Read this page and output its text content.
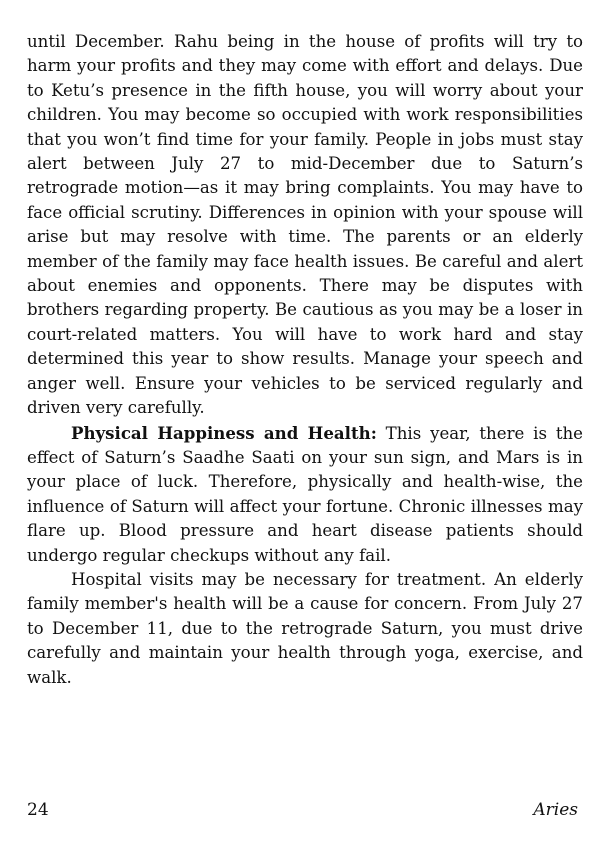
until December. Rahu being in the house of profits will try to harm your profits and they may come with effort and delays. Due to Ketu’s presence in the fifth house, you will worry about your children. You may become so occupied with work responsibilities that you won’t find time for your family. People in jobs must stay alert between July 27 to mid-December due to Saturn’s retrograde motion—as it may bring complaints. You may have to face official scrutiny. Differences in opinion with your spouse will arise but may resolve with time. The parents or an elderly member of the family may face health issues. Be careful and alert about enemies and opponents. There may be disputes with brothers regarding property. Be cautious as you may be a loser in court-related matters. You will have to work hard and stay determined this year to show results. Manage your speech and anger well. Ensure your vehicles to be serviced regularly and driven very carefully.

Physical Happiness and Health: This year, there is the effect of Saturn’s Saadhe Saati on your sun sign, and Mars is in your place of luck. Therefore, physically and health-wise, the influence of Saturn will affect your fortune. Chronic illnesses may flare up. Blood pressure and heart disease patients should undergo regular checkups without any fail.

Hospital visits may be necessary for treatment. An elderly family member's health will be a cause for concern. From July 27 to December 11, due to the retrograde Saturn, you must drive carefully and maintain your health through yoga, exercise, and walk.

24	Aries
